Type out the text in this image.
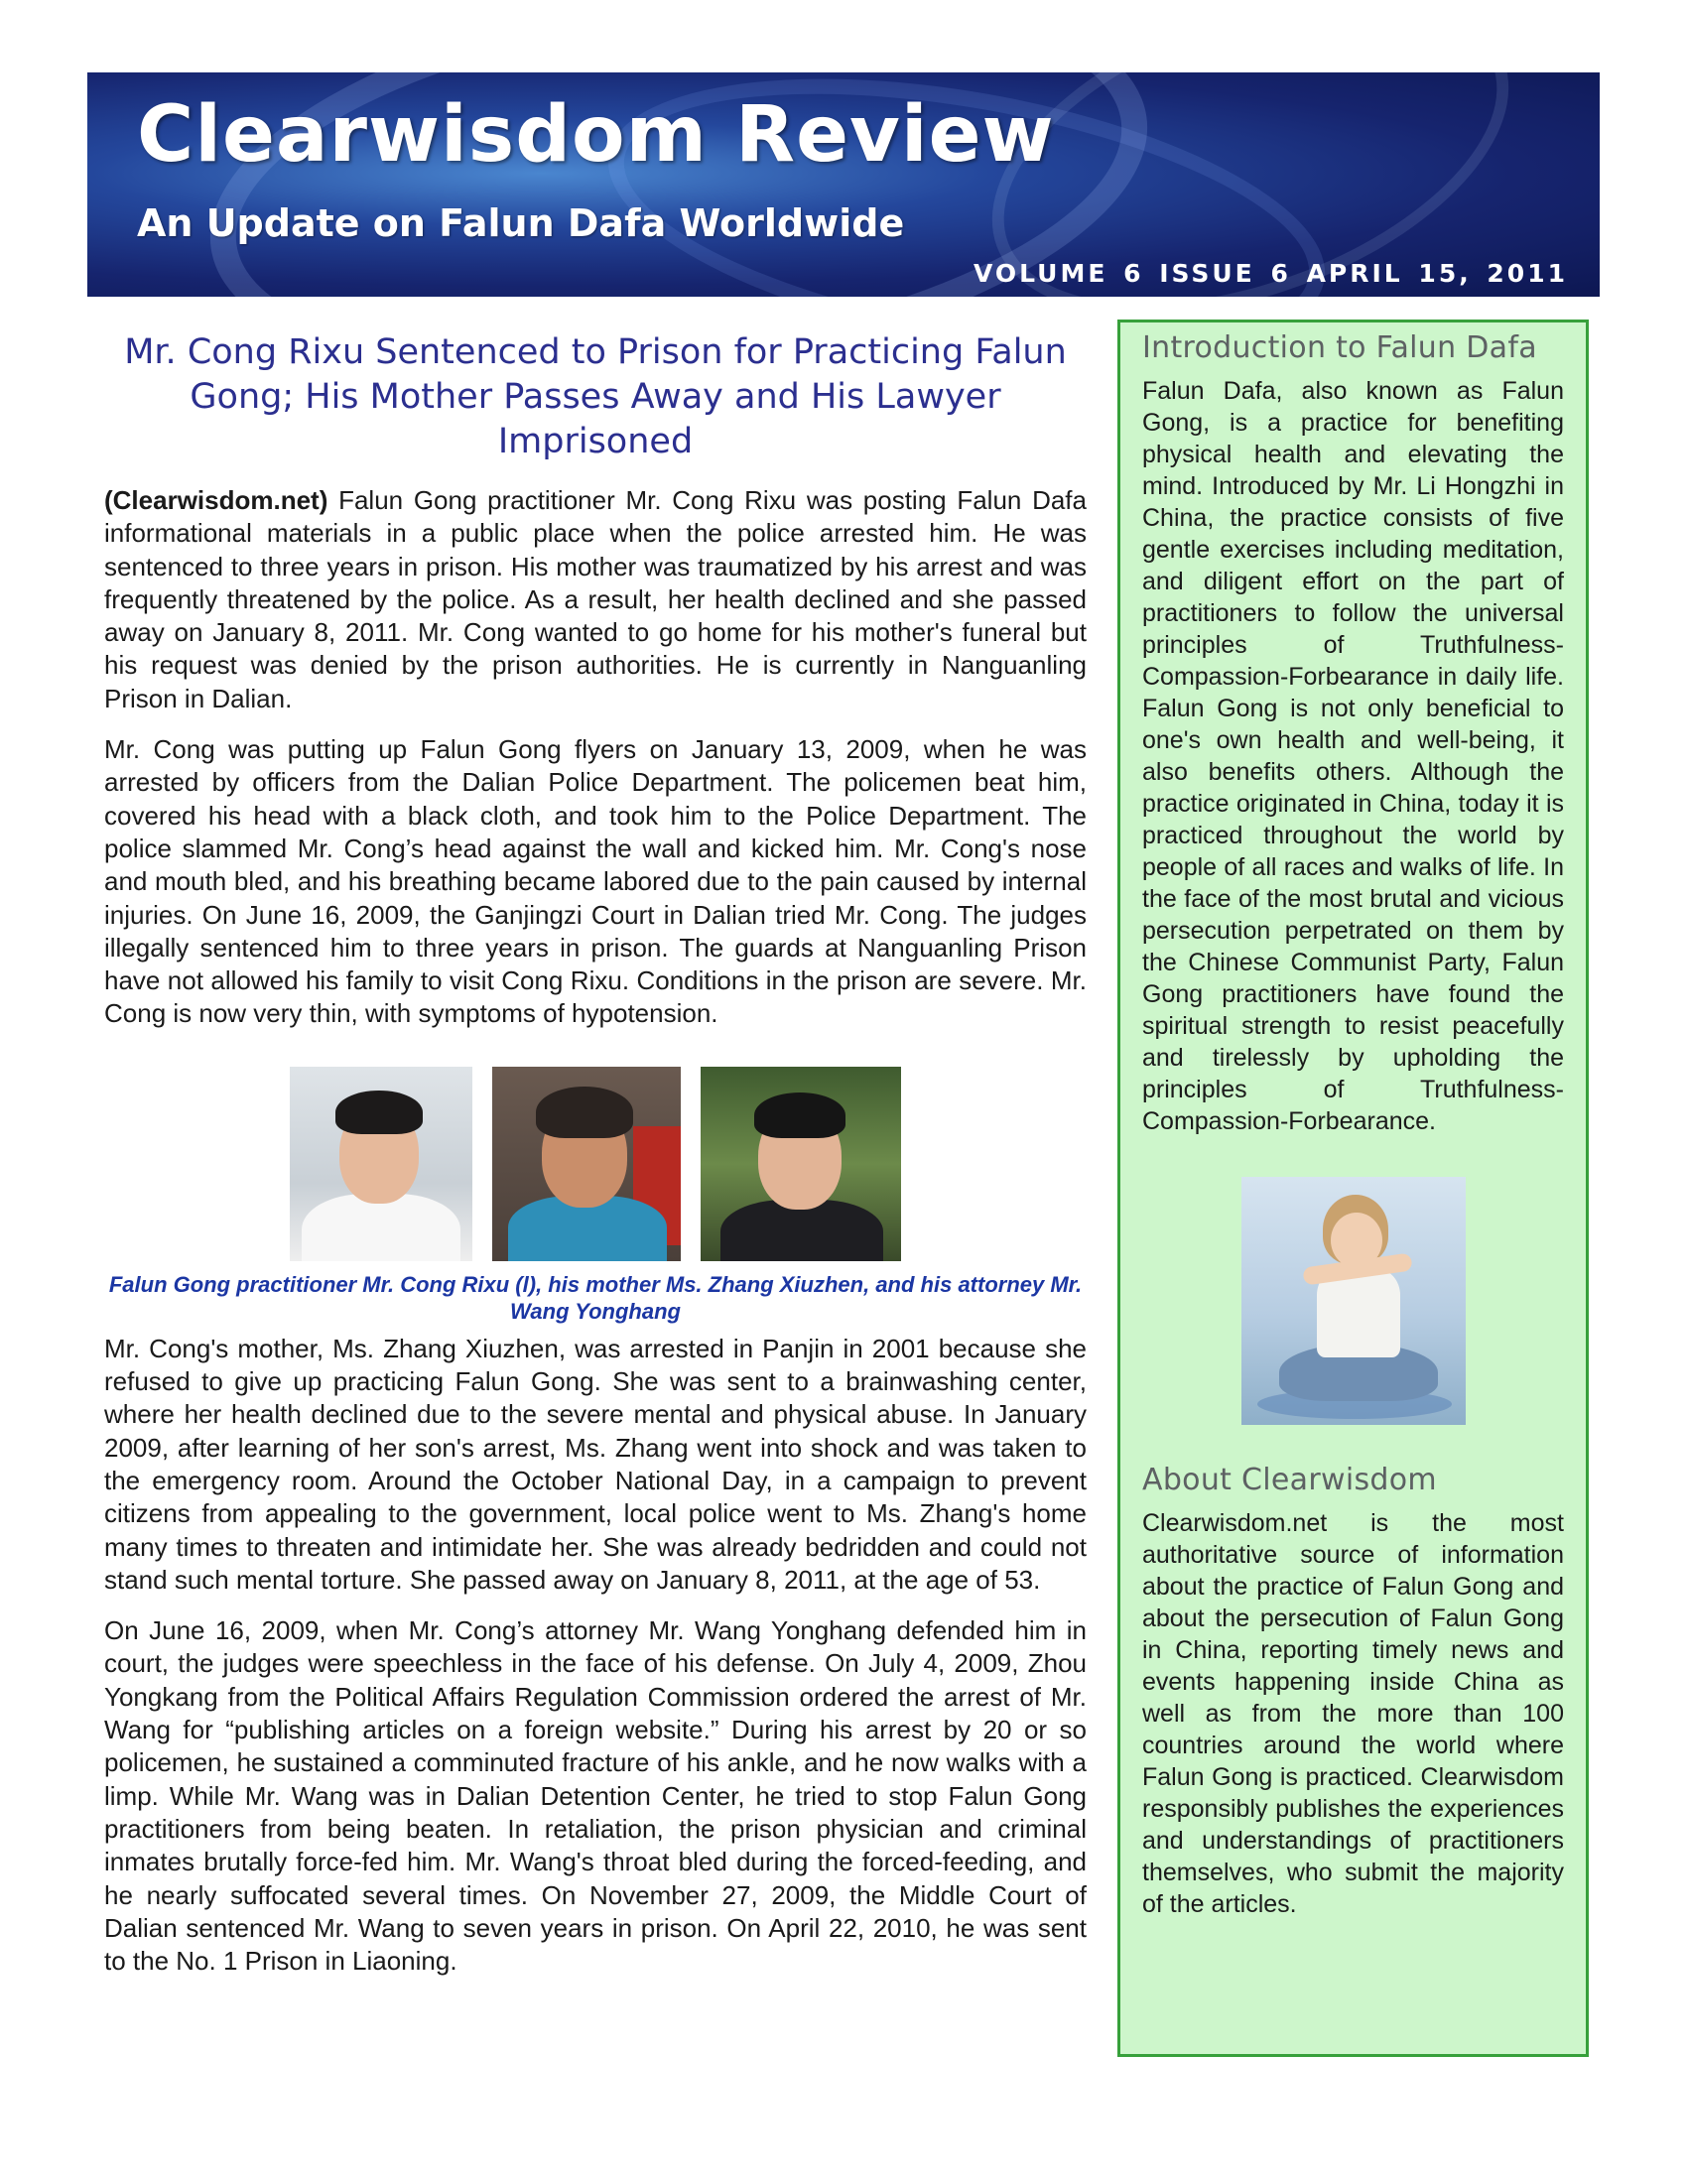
Clearwisdom Review
An Update on Falun Dafa Worldwide
VOLUME 6 ISSUE 6 APRIL 15, 2011
Mr. Cong Rixu Sentenced to Prison for Practicing Falun Gong; His Mother Passes Away and His Lawyer Imprisoned

(Clearwisdom.net) Falun Gong practitioner Mr. Cong Rixu was posting Falun Dafa informational materials in a public place when the police arrested him. He was sentenced to three years in prison. His mother was traumatized by his arrest and was frequently threatened by the police. As a result, her health declined and she passed away on January 8, 2011. Mr. Cong wanted to go home for his mother's funeral but his request was denied by the prison authorities. He is currently in Nanguanling Prison in Dalian.

Mr. Cong was putting up Falun Gong flyers on January 13, 2009, when he was arrested by officers from the Dalian Police Department. The policemen beat him, covered his head with a black cloth, and took him to the Police Department. The police slammed Mr. Cong’s head against the wall and kicked him. Mr. Cong's nose and mouth bled, and his breathing became labored due to the pain caused by internal injuries. On June 16, 2009, the Ganjingzi Court in Dalian tried Mr. Cong. The judges illegally sentenced him to three years in prison. The guards at Nanguanling Prison have not allowed his family to visit Cong Rixu. Conditions in the prison are severe. Mr. Cong is now very thin, with symptoms of hypotension.

Falun Gong practitioner Mr. Cong Rixu (l), his mother Ms. Zhang Xiuzhen, and his attorney Mr. Wang Yonghang

Mr. Cong's mother, Ms. Zhang Xiuzhen, was arrested in Panjin in 2001 because she refused to give up practicing Falun Gong. She was sent to a brainwashing center, where her health declined due to the severe mental and physical abuse. In January 2009, after learning of her son's arrest, Ms. Zhang went into shock and was taken to the emergency room. Around the October National Day, in a campaign to prevent citizens from appealing to the government, local police went to Ms. Zhang's home many times to threaten and intimidate her. She was already bedridden and could not stand such mental torture. She passed away on January 8, 2011, at the age of 53.

On June 16, 2009, when Mr. Cong’s attorney Mr. Wang Yonghang defended him in court, the judges were speechless in the face of his defense. On July 4, 2009, Zhou Yongkang from the Political Affairs Regulation Commission ordered the arrest of Mr. Wang for “publishing articles on a foreign website.” During his arrest by 20 or so policemen, he sustained a comminuted fracture of his ankle, and he now walks with a limp. While Mr. Wang was in Dalian Detention Center, he tried to stop Falun Gong practitioners from being beaten. In retaliation, the prison physician and criminal inmates brutally force-fed him. Mr. Wang's throat bled during the forced-feeding, and he nearly suffocated several times. On November 27, 2009, the Middle Court of Dalian sentenced Mr. Wang to seven years in prison. On April 22, 2010, he was sent to the No. 1 Prison in Liaoning.

Introduction to Falun Dafa

Falun Dafa, also known as Falun Gong, is a practice for benefiting physical health and elevating the mind. Introduced by Mr. Li Hongzhi in China, the practice consists of five gentle exercises including meditation, and diligent effort on the part of practitioners to follow the universal principles of Truthfulness-Compassion-Forbearance in daily life. Falun Gong is not only beneficial to one's own health and well-being, it also benefits others. Although the practice originated in China, today it is practiced throughout the world by people of all races and walks of life. In the face of the most brutal and vicious persecution perpetrated on them by the Chinese Communist Party, Falun Gong practitioners have found the spiritual strength to resist peacefully and tirelessly by upholding the principles of Truthfulness-Compassion-Forbearance.

About Clearwisdom

Clearwisdom.net is the most authoritative source of information about the practice of Falun Gong and about the persecution of Falun Gong in China, reporting timely news and events happening inside China as well as from the more than 100 countries around the world where Falun Gong is practiced. Clearwisdom responsibly publishes the experiences and understandings of practitioners themselves, who submit the majority of the articles.
